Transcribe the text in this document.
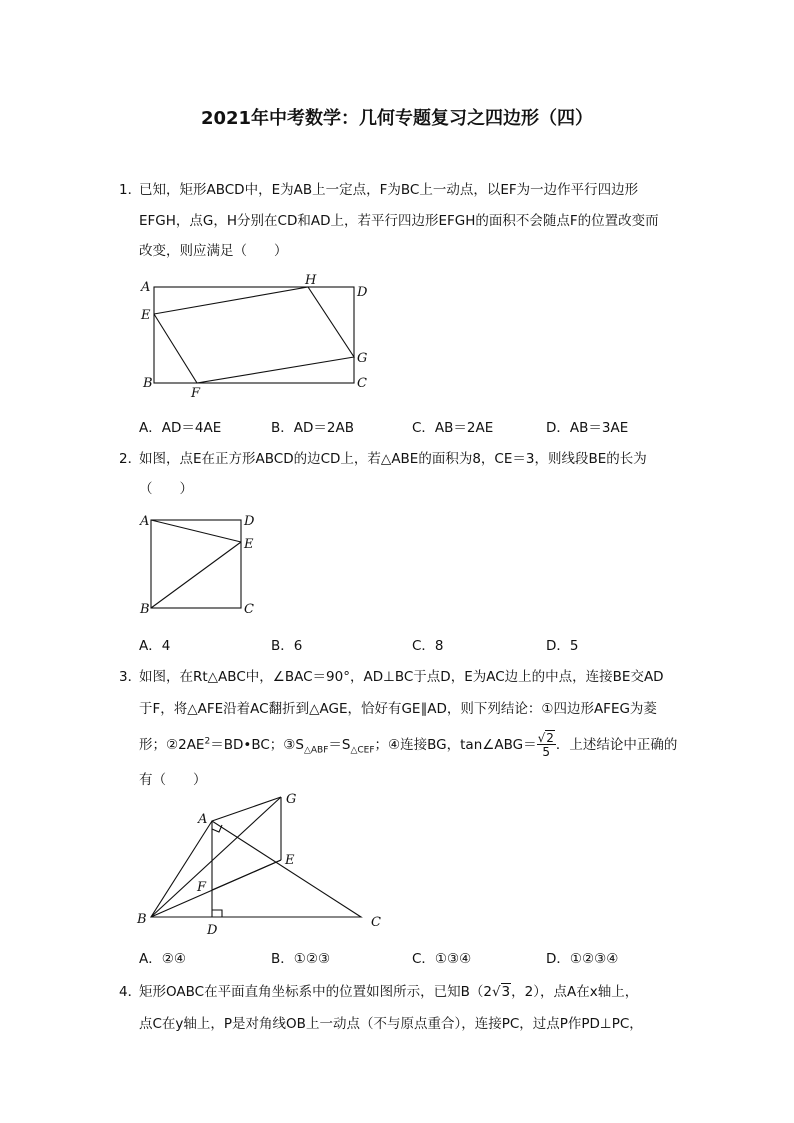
2021年中考数学：几何专题复习之四边形（四）
1．
已知，矩形ABCD中，E为AB上一定点，F为BC上一动点，以EF为一边作平行四边形
EFGH，点G，H分别在CD和AD上，若平行四边形EFGH的面积不会随点F的位置改变而
改变，则应满足（　　）
A	H
D
E
G
B
F
C
A．AD＝4AE	B．AD＝2AB	C．AB＝2AE	D．AB＝3AE
2．
如图，点E在正方形ABCD的边CD上，若△ABE的面积为8，CE＝3，则线段BE的长为
（　　）
A	D
E
B	C
A．4	B．6	C．8	D．5
3．
如图，在Rt△ABC中，∠BAC＝90°，AD⊥BC于点D，E为AC边上的中点，连接BE交AD
于F，将△AFE沿着AC翻折到△AGE，恰好有GE∥AD，则下列结论：①四边形AFEG为菱
形；$②2AE^2=BD•BC$；$③S_{\triangle ABF}=S_{\triangle CEF}$；④连接BG，tan∠ABG＝ $\frac{√2}{5}$ ．上述结论中正确的
有（　　）
G
A
E
F
B
D
C
A．②④	B．①②③	C．①③④	D．①②③④
4．
矩形OABC在平面直角坐标系中的位置如图所示，已知B（2√3，2），点A在x轴上，
点C在y轴上，P是对角线OB上一动点（不与原点重合），连接PC，过点P作PD⊥PC，
